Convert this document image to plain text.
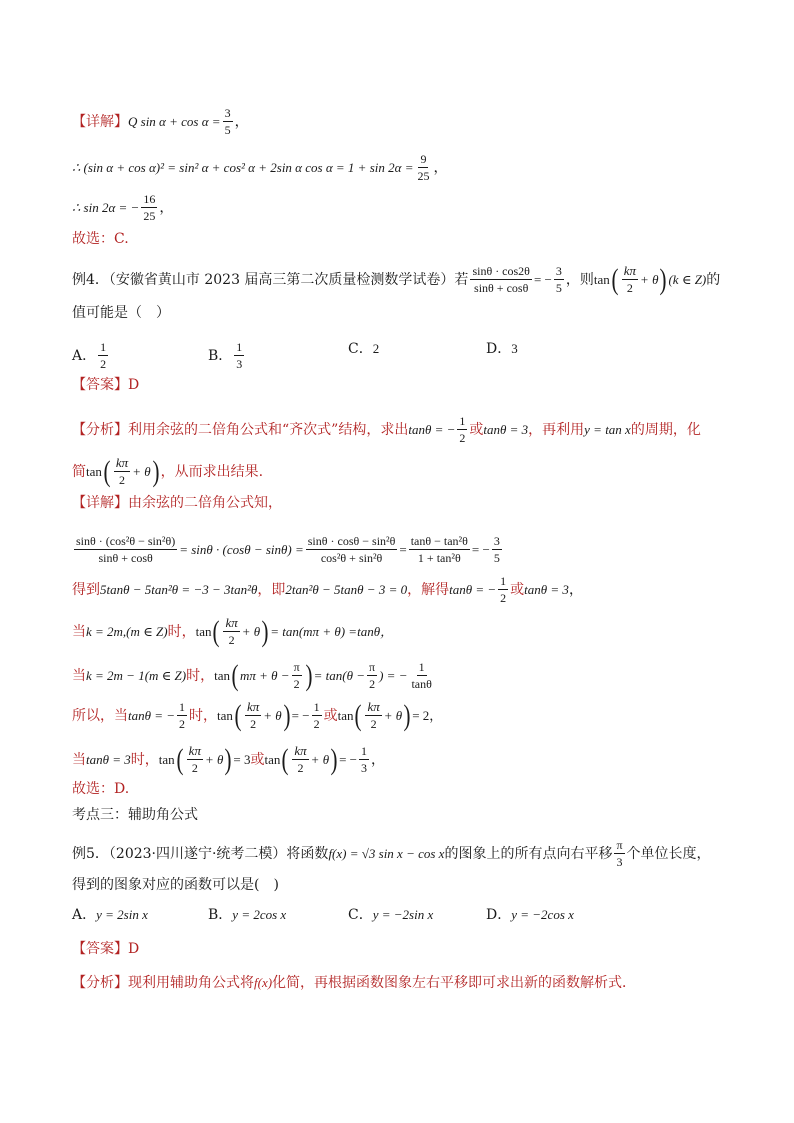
【详解】 Q $\sin \alpha + \cos \alpha = \frac{3}{5}$ ，
∴ (sin α + cos α)² = sin² α + cos² α + 2sin α $\cos \alpha = 1 + \sin 2\alpha = \frac{9}{25}$ ，
∴ sin 2α = − $\frac{16}{25}$ ，
故选：C.
例4．（安徽省黄山市 2023 届高三第二次质量检测数学试卷）若 $\frac{\sin\theta \cdot \cos 2\theta}{\sin\theta + \cos\theta}$ = − $\frac{3}{5}$ ，则 tan ( $\frac{k\pi}{2} + \theta$ ) (k ∈ Z) 的
值可能是（　）
A． $\frac{1}{2}$	B． $\frac{1}{3}$	C． 2	D． 3
【答案】 D
【分析】 利用余弦的二倍角公式和“齐次式”结构，求出 tanθ = − $\frac{1}{2}$ 或 tanθ = 3 ，再利用 y = tan x 的周期，化
简 tan ( $\frac{k\pi}{2} + \theta$ ) ，从而求出结果.
【详解】 由余弦的二倍角公式知，
$\frac{\text{sinθ · (cos²θ − sin²θ)}}{\sin\theta + \cos\theta} = \sin\theta \cdot (\cos\theta - \sin\theta) = \frac{\text{sinθ · cosθ − sin²θ}}{\text{cos²θ + sin²θ}} = \frac{\text{tanθ − tan²θ}}{\text{1 + tan²θ}}$ = − $\frac{3}{5}$
得到 5tanθ − 5tan²θ = −3 − 3tan²θ ，即 2tan²θ − 5tanθ − 3 = 0 ，解得 tanθ = − $\frac{1}{2}$ 或 tanθ = 3 ，
当 k = 2m,(m ∈ Z) 时， tan ( $\frac{k\pi}{2} + \theta$ ) = tan(mπ + θ) =tanθ，
当 k = 2m − 1(m ∈ Z) 时， tan ( $m\pi + \theta - \frac{\pi}{2}$ ) = $\tan(\theta - \frac{\pi}{2}$ ) = − $\frac{1}{\tan\theta}$
所以，当 tanθ = − $\frac{1}{2}$ 时， tan ( $\frac{k\pi}{2} + \theta$ ) = − $\frac{1}{2}$ 或 tan ( $\frac{k\pi}{2} + \theta$ ) = 2，
当 tanθ = 3 时， tan ( $\frac{k\pi}{2} + \theta$ ) = 3 或 tan ( $\frac{k\pi}{2} + \theta$ ) = − $\frac{1}{3}$ ，
故选：D.
考点三：辅助角公式
例5．（2023·四川遂宁·统考二模）将函数 f(x) = √3 sin x − cos x 的图象上的所有点向右平移 $\frac{\pi}{3}$ 个单位长度，
得到的图象对应的函数可以是(　)
A． y = 2sin x	B． y = 2cos x	C． y = −2sin x	D． y = −2cos x
【答案】 D
【分析】 现利用辅助角公式将 f(x) 化简，再根据函数图象左右平移即可求出新的函数解析式．
